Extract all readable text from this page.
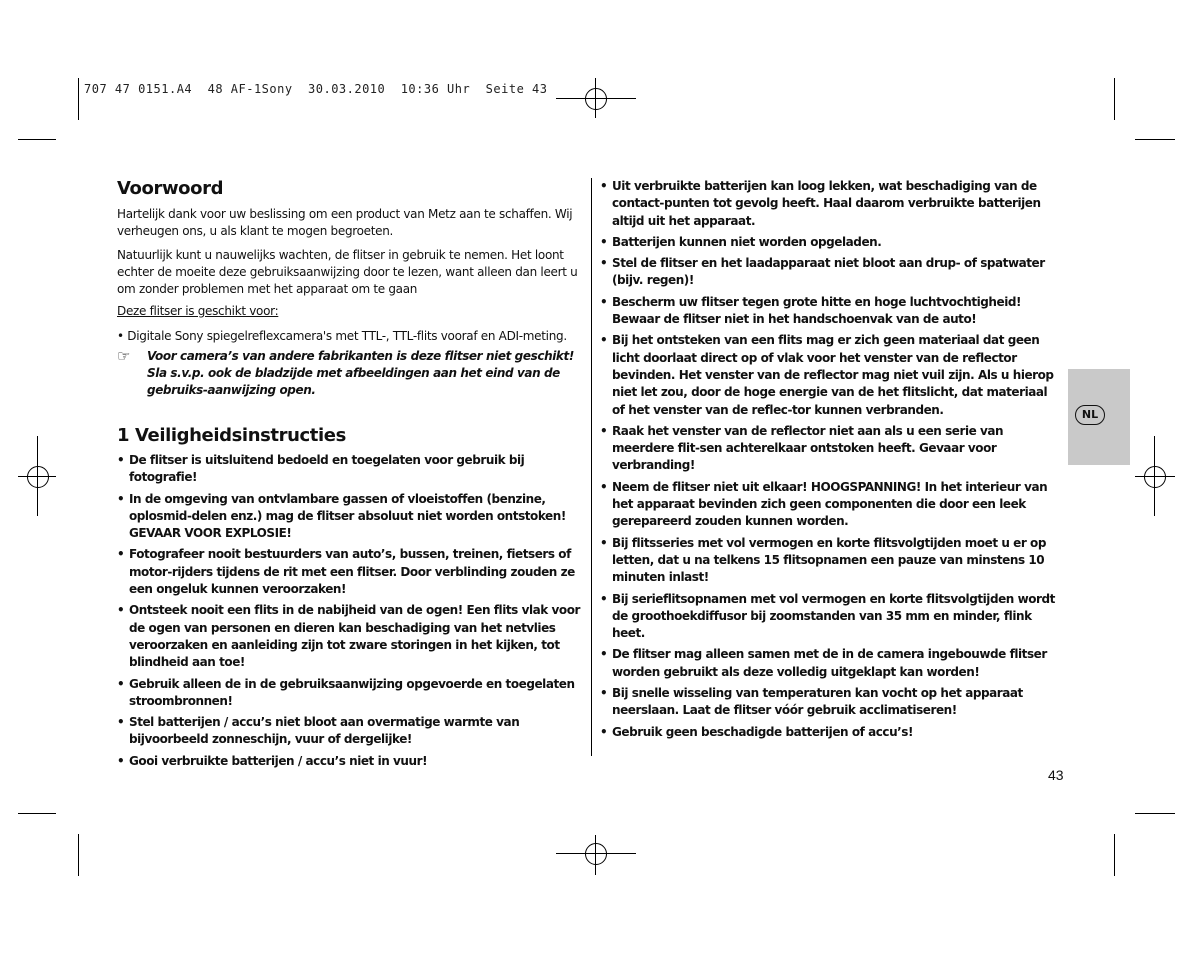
707 47 0151.A4  48 AF-1Sony  30.03.2010  10:36 Uhr  Seite 43
Voorwoord

Hartelijk dank voor uw beslissing om een product van Metz aan te schaffen. Wij verheugen ons, u als klant te mogen begroeten.

Natuurlijk kunt u nauwelijks wachten, de flitser in gebruik te nemen. Het loont echter de moeite deze gebruiksaanwijzing door te lezen, want alleen dan leert u om zonder problemen met het apparaat om te gaan

Deze flitser is geschikt voor:

• Digitale Sony spiegelreflexcamera's met TTL-, TTL-flits vooraf en ADI-meting.

☞	Voor camera’s van andere fabrikanten is deze flitser niet geschikt! Sla s.v.p. ook de bladzijde met afbeeldingen aan het eind van de gebruiks-aanwijzing open.
1 Veiligheidsinstructies
• De flitser is uitsluitend bedoeld en toegelaten voor gebruik bij fotografie!
• In de omgeving van ontvlambare gassen of vloeistoffen (benzine, oplosmid-delen enz.) mag de flitser absoluut niet worden ontstoken!
GEVAAR VOOR EXPLOSIE!
• Fotografeer nooit bestuurders van auto’s, bussen, treinen, fietsers of motor-rijders tijdens de rit met een flitser. Door verblinding zouden ze een ongeluk kunnen veroorzaken!
• Ontsteek nooit een flits in de nabijheid van de ogen! Een flits vlak voor de ogen van personen en dieren kan beschadiging van het netvlies veroorzaken en aanleiding zijn tot zware storingen in het kijken, tot blindheid aan toe!
• Gebruik alleen de in de gebruiksaanwijzing opgevoerde en toegelaten stroombronnen!
• Stel batterijen / accu’s niet bloot aan overmatige warmte van bijvoorbeeld zonneschijn, vuur of dergelijke!
• Gooi verbruikte batterijen / accu’s niet in vuur!
• Uit verbruikte batterijen kan loog lekken, wat beschadiging van de contact-punten tot gevolg heeft. Haal daarom verbruikte batterijen altijd uit het apparaat.
• Batterijen kunnen niet worden opgeladen.
• Stel de flitser en het laadapparaat niet bloot aan drup- of spatwater (bijv. regen)!
• Bescherm uw flitser tegen grote hitte en hoge luchtvochtigheid! Bewaar de flitser niet in het handschoenvak van de auto!
• Bij het ontsteken van een flits mag er zich geen materiaal dat geen licht doorlaat direct op of vlak voor het venster van de reflector bevinden. Het venster van de reflector mag niet vuil zijn. Als u hierop niet let zou, door de hoge energie van de het flitslicht, dat materiaal of het venster van de reflec-tor kunnen verbranden.
• Raak het venster van de reflector niet aan als u een serie van meerdere flit-sen achterelkaar ontstoken heeft. Gevaar voor verbranding!
• Neem de flitser niet uit elkaar! HOOGSPANNING! In het interieur van het apparaat bevinden zich geen componenten die door een leek gerepareerd zouden kunnen worden.
• Bij flitsseries met vol vermogen en korte flitsvolgtijden moet u er op letten, dat u na telkens 15 flitsopnamen een pauze van minstens 10 minuten inlast!
• Bij serieflitsopnamen met vol vermogen en korte flitsvolgtijden wordt de groothoekdiffusor bij zoomstanden van 35 mm en minder, flink heet.
• De flitser mag alleen samen met de in de camera ingebouwde flitser worden gebruikt als deze volledig uitgeklapt kan worden!
• Bij snelle wisseling van temperaturen kan vocht op het apparaat neerslaan. Laat de flitser vóór gebruik acclimatiseren!
• Gebruik geen beschadigde batterijen of accu’s!
NL
43
